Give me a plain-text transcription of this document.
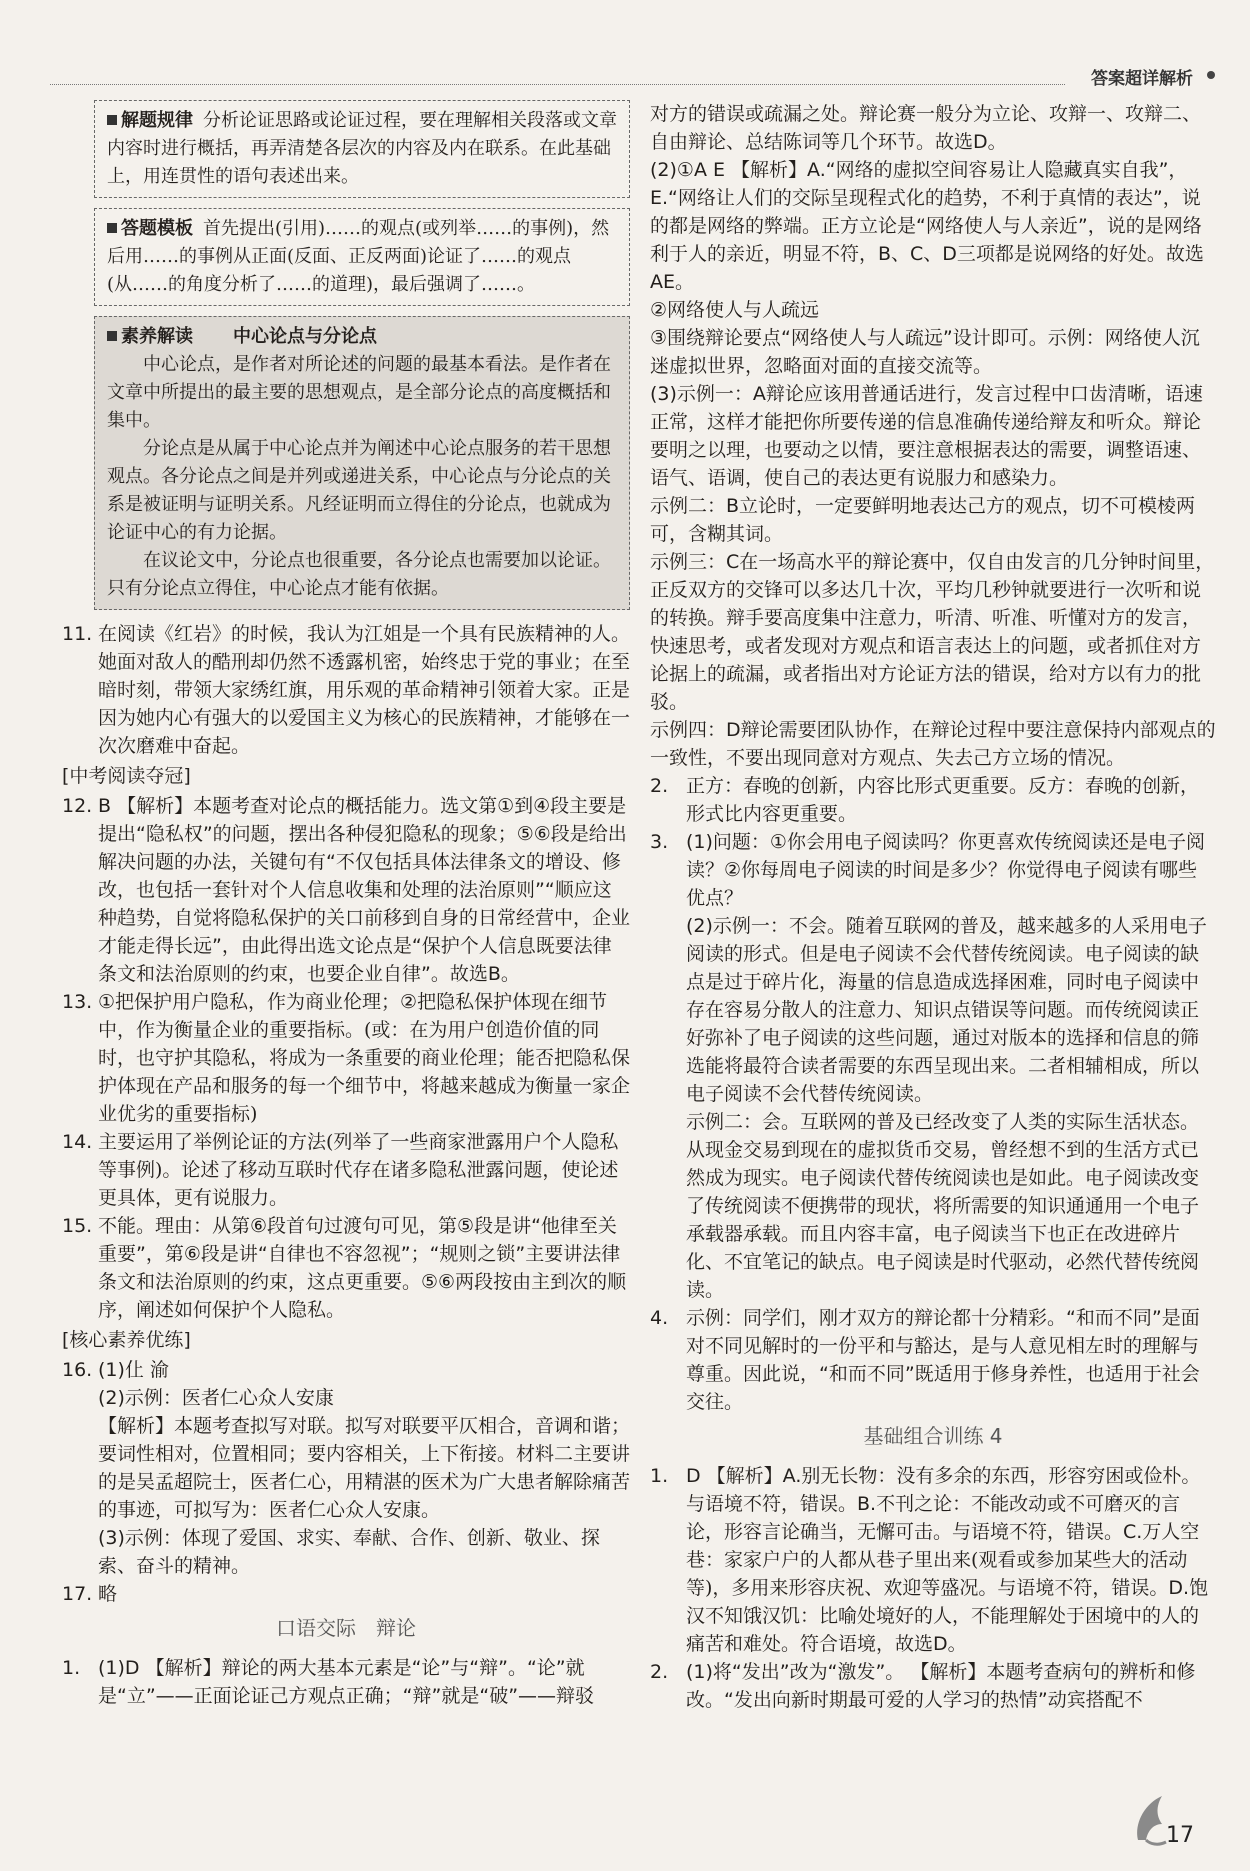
答案超详解析
解题规律 分析论证思路或论证过程，要在理解相关段落或文章内容时进行概括，再弄清楚各层次的内容及内在联系。在此基础上，用连贯性的语句表述出来。
答题模板 首先提出(引用)……的观点(或列举……的事例)，然后用……的事例从正面(反面、正反两面)论证了……的观点(从……的角度分析了……的道理)，最后强调了……。
素养解读 中心论点与分论点

中心论点，是作者对所论述的问题的最基本看法。是作者在文章中所提出的最主要的思想观点，是全部分论点的高度概括和集中。

分论点是从属于中心论点并为阐述中心论点服务的若干思想观点。各分论点之间是并列或递进关系，中心论点与分论点的关系是被证明与证明关系。凡经证明而立得住的分论点，也就成为论证中心的有力论据。

在议论文中，分论点也很重要，各分论点也需要加以论证。只有分论点立得住，中心论点才能有依据。

11. 在阅读《红岩》的时候，我认为江姐是一个具有民族精神的人。她面对敌人的酷刑却仍然不透露机密，始终忠于党的事业；在至暗时刻，带领大家绣红旗，用乐观的革命精神引领着大家。正是因为她内心有强大的以爱国主义为核心的民族精神，才能够在一次次磨难中奋起。
[中考阅读夺冠]
12. B 【解析】本题考查对论点的概括能力。选文第①到④段主要是提出“隐私权”的问题，摆出各种侵犯隐私的现象；⑤⑥段是给出解决问题的办法，关键句有“不仅包括具体法律条文的增设、修改，也包括一套针对个人信息收集和处理的法治原则”“顺应这种趋势，自觉将隐私保护的关口前移到自身的日常经营中，企业才能走得长远”，由此得出选文论点是“保护个人信息既要法律条文和法治原则的约束，也要企业自律”。故选B。
13. ①把保护用户隐私，作为商业伦理；②把隐私保护体现在细节中，作为衡量企业的重要指标。(或：在为用户创造价值的同时，也守护其隐私，将成为一条重要的商业伦理；能否把隐私保护体现在产品和服务的每一个细节中，将越来越成为衡量一家企业优劣的重要指标)
14. 主要运用了举例论证的方法(列举了一些商家泄露用户个人隐私等事例)。论述了移动互联时代存在诸多隐私泄露问题，使论述更具体，更有说服力。
15. 不能。理由：从第⑥段首句过渡句可见，第⑤段是讲“他律至关重要”，第⑥段是讲“自律也不容忽视”；“规则之锁”主要讲法律条文和法治原则的约束，这点更重要。⑤⑥两段按由主到次的顺序，阐述如何保护个人隐私。
[核心素养优练]
16. (1)仩 渝
(2)示例：医者仁心众人安康
【解析】本题考查拟写对联。拟写对联要平仄相合，音调和谐；要词性相对，位置相同；要内容相关，上下衔接。材料二主要讲的是吴孟超院士，医者仁心，用精湛的医术为广大患者解除痛苦的事迹，可拟写为：医者仁心众人安康。
(3)示例：体现了爱国、求实、奉献、合作、创新、敬业、探索、奋斗的精神。
17. 略
口语交际　辩论
1. (1)D 【解析】辩论的两大基本元素是“论”与“辩”。“论”就是“立”——正面论证己方观点正确；“辩”就是“破”——辩驳
对方的错误或疏漏之处。辩论赛一般分为立论、攻辩一、攻辩二、自由辩论、总结陈词等几个环节。故选D。
(2)①A E 【解析】A.“网络的虚拟空间容易让人隐藏真实自我”，E.“网络让人们的交际呈现程式化的趋势，不利于真情的表达”，说的都是网络的弊端。正方立论是“网络使人与人亲近”，说的是网络利于人的亲近，明显不符，B、C、D三项都是说网络的好处。故选AE。
②网络使人与人疏远
③围绕辩论要点“网络使人与人疏远”设计即可。示例：网络使人沉迷虚拟世界，忽略面对面的直接交流等。
(3)示例一：A辩论应该用普通话进行，发言过程中口齿清晰，语速正常，这样才能把你所要传递的信息准确传递给辩友和听众。辩论要明之以理，也要动之以情，要注意根据表达的需要，调整语速、语气、语调，使自己的表达更有说服力和感染力。
示例二：B立论时，一定要鲜明地表达己方的观点，切不可模棱两可，含糊其词。
示例三：C在一场高水平的辩论赛中，仅自由发言的几分钟时间里，正反双方的交锋可以多达几十次，平均几秒钟就要进行一次听和说的转换。辩手要高度集中注意力，听清、听准、听懂对方的发言，快速思考，或者发现对方观点和语言表达上的问题，或者抓住对方论据上的疏漏，或者指出对方论证方法的错误，给对方以有力的批驳。
示例四：D辩论需要团队协作，在辩论过程中要注意保持内部观点的一致性，不要出现同意对方观点、失去己方立场的情况。
2. 正方：春晚的创新，内容比形式更重要。反方：春晚的创新，形式比内容更重要。
3. (1)问题：①你会用电子阅读吗？你更喜欢传统阅读还是电子阅读？②你每周电子阅读的时间是多少？你觉得电子阅读有哪些优点？
(2)示例一：不会。随着互联网的普及，越来越多的人采用电子阅读的形式。但是电子阅读不会代替传统阅读。电子阅读的缺点是过于碎片化，海量的信息造成选择困难，同时电子阅读中存在容易分散人的注意力、知识点错误等问题。而传统阅读正好弥补了电子阅读的这些问题，通过对版本的选择和信息的筛选能将最符合读者需要的东西呈现出来。二者相辅相成，所以电子阅读不会代替传统阅读。
示例二：会。互联网的普及已经改变了人类的实际生活状态。从现金交易到现在的虚拟货币交易，曾经想不到的生活方式已然成为现实。电子阅读代替传统阅读也是如此。电子阅读改变了传统阅读不便携带的现状，将所需要的知识通通用一个电子承载器承载。而且内容丰富，电子阅读当下也正在改进碎片化、不宜笔记的缺点。电子阅读是时代驱动，必然代替传统阅读。
4. 示例：同学们，刚才双方的辩论都十分精彩。“和而不同”是面对不同见解时的一份平和与豁达，是与人意见相左时的理解与尊重。因此说，“和而不同”既适用于修身养性，也适用于社会交往。
基础组合训练 4
1. D 【解析】A.别无长物：没有多余的东西，形容穷困或俭朴。与语境不符，错误。B.不刊之论：不能改动或不可磨灭的言论，形容言论确当，无懈可击。与语境不符，错误。C.万人空巷：家家户户的人都从巷子里出来(观看或参加某些大的活动等)，多用来形容庆祝、欢迎等盛况。与语境不符，错误。D.饱汉不知饿汉饥：比喻处境好的人，不能理解处于困境中的人的痛苦和难处。符合语境，故选D。
2. (1)将“发出”改为“激发”。 【解析】本题考查病句的辨析和修改。“发出向新时期最可爱的人学习的热情”动宾搭配不
17
